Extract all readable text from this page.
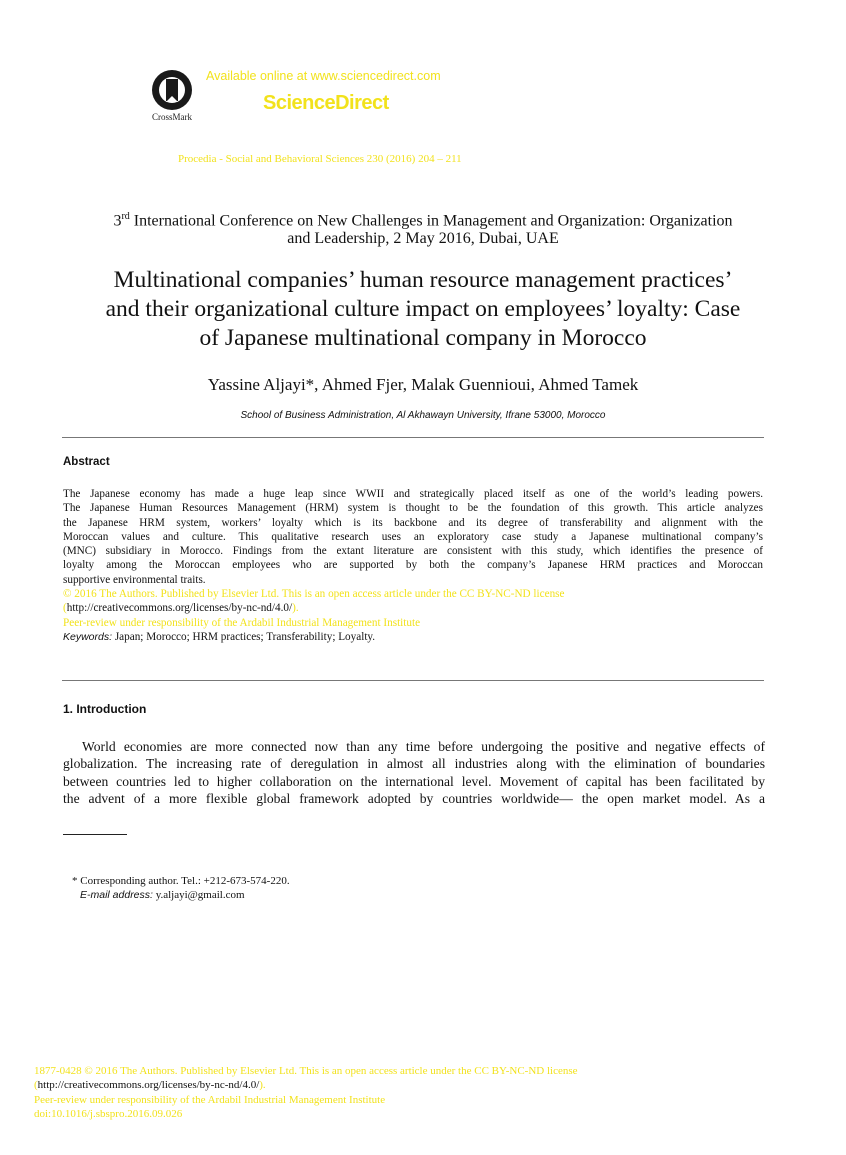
CrossMark
Available online at www.sciencedirect.com
ScienceDirect
Procedia - Social and Behavioral Sciences 230 (2016) 204 – 211
3rd International Conference on New Challenges in Management and Organization: Organization
and Leadership, 2 May 2016, Dubai, UAE
Multinational companies’ human resource management practices’
and their organizational culture impact on employees’ loyalty: Case
of Japanese multinational company in Morocco
Yassine Aljayi*, Ahmed Fjer, Malak Guennioui, Ahmed Tamek
School of Business Administration, Al Akhawayn University, Ifrane 53000, Morocco
Abstract
The Japanese economy has made a huge leap since WWII and strategically placed itself as one of the world’s leading powers.
The Japanese Human Resources Management (HRM) system is thought to be the foundation of this growth. This article analyzes
the Japanese HRM system, workers’ loyalty which is its backbone and its degree of transferability and alignment with the
Moroccan values and culture. This qualitative research uses an exploratory case study a Japanese multinational company’s
(MNC) subsidiary in Morocco. Findings from the extant literature are consistent with this study, which identifies the presence of
loyalty among the Moroccan employees who are supported by both the company’s Japanese HRM practices and Moroccan
supportive environmental traits.
© 2016 The Authors. Published by Elsevier Ltd. This is an open access article under the CC BY-NC-ND license
(http://creativecommons.org/licenses/by-nc-nd/4.0/).
Peer-review under responsibility of the Ardabil Industrial Management Institute
Keywords: Japan; Morocco; HRM practices; Transferability; Loyalty.
1. Introduction
World economies are more connected now than any time before undergoing the positive and negative effects of
globalization. The increasing rate of deregulation in almost all industries along with the elimination of boundaries
between countries led to higher collaboration on the international level. Movement of capital has been facilitated by
the advent of a more flexible global framework adopted by countries worldwide— the open market model. As a
* Corresponding author. Tel.: +212-673-574-220.
E-mail address: y.aljayi@gmail.com
1877-0428 © 2016 The Authors. Published by Elsevier Ltd. This is an open access article under the CC BY-NC-ND license
(http://creativecommons.org/licenses/by-nc-nd/4.0/).
Peer-review under responsibility of the Ardabil Industrial Management Institute
doi:10.1016/j.sbspro.2016.09.026
